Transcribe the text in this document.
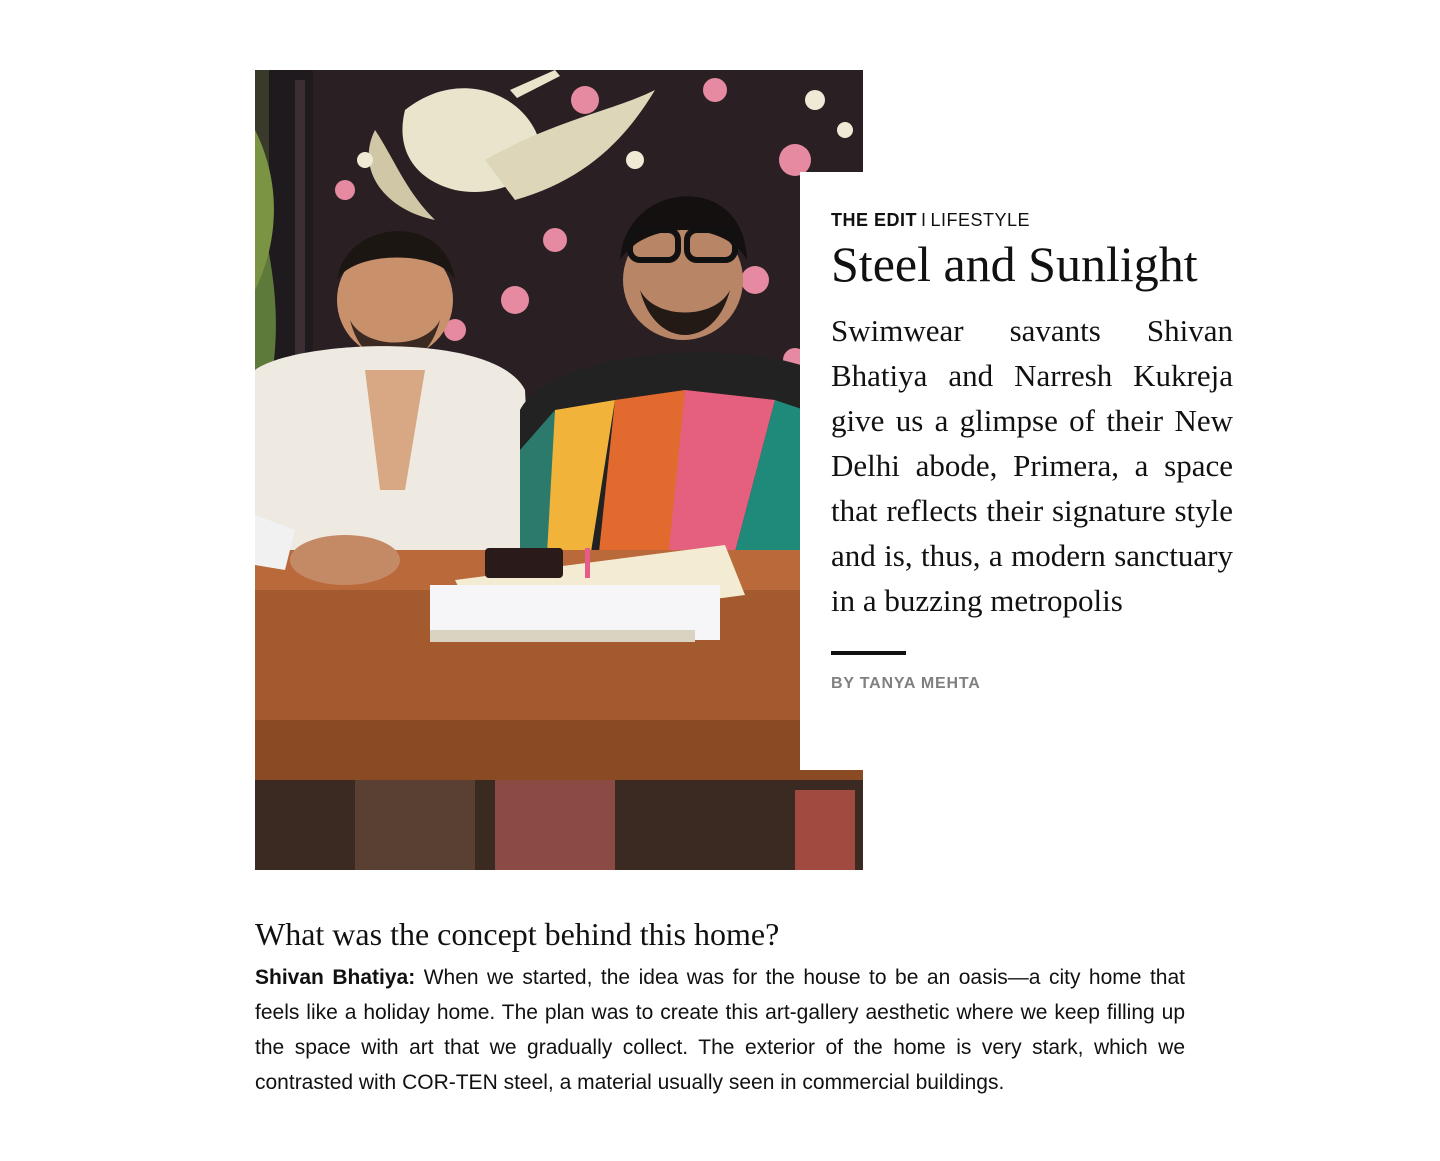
THE EDIT I LIFESTYLE

Steel and Sunlight

Swimwear savants Shivan Bhatiya and Narresh Kukreja give us a glimpse of their New Delhi abode, Primera, a space that reflects their signature style and is, thus, a modern sanctuary in a buzzing metropolis

BY TANYA MEHTA
What was the concept behind this home?

Shivan Bhatiya: When we started, the idea was for the house to be an oasis—a city home that feels like a holiday home. The plan was to create this art-gallery aesthetic where we keep filling up the space with art that we gradually collect. The exterior of the home is very stark, which we contrasted with COR-TEN steel, a material usually seen in commercial buildings.
